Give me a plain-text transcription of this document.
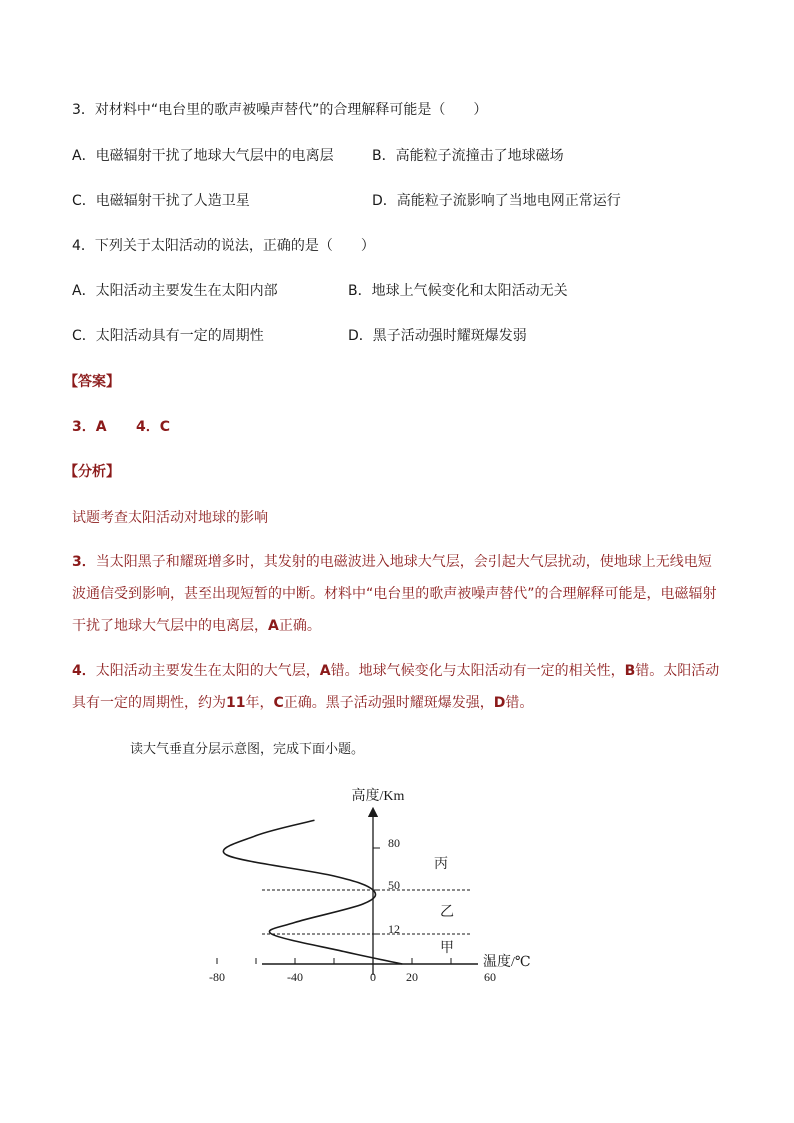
3．对材料中“电台里的歌声被噪声替代”的合理解释可能是（　　）
A．电磁辐射干扰了地球大气层中的电离层	B．高能粒子流撞击了地球磁场
C．电磁辐射干扰了人造卫星	D．高能粒子流影响了当地电网正常运行
4．下列关于太阳活动的说法，正确的是（　　）
A．太阳活动主要发生在太阳内部	B．地球上气候变化和太阳活动无关
C．太阳活动具有一定的周期性	D．黑子活动强时耀斑爆发弱
【答案】
3．A 4．C
【分析】
试题考查太阳活动对地球的影响
3．当太阳黑子和耀斑增多时，其发射的电磁波进入地球大气层，会引起大气层扰动，使地球上无线电短波通信受到影响，甚至出现短暂的中断。材料中“电台里的歌声被噪声替代”的合理解释可能是，电磁辐射干扰了地球大气层中的电离层，A正确。
4．太阳活动主要发生在太阳的大气层，A错。地球气候变化与太阳活动有一定的相关性，B错。太阳活动具有一定的周期性，约为11年，C正确。黑子活动强时耀斑爆发强，D错。
读大气垂直分层示意图，完成下面小题。
高度/Km
温度/℃
-80	-40	0	20	60
12
50
80
甲
乙
丙
